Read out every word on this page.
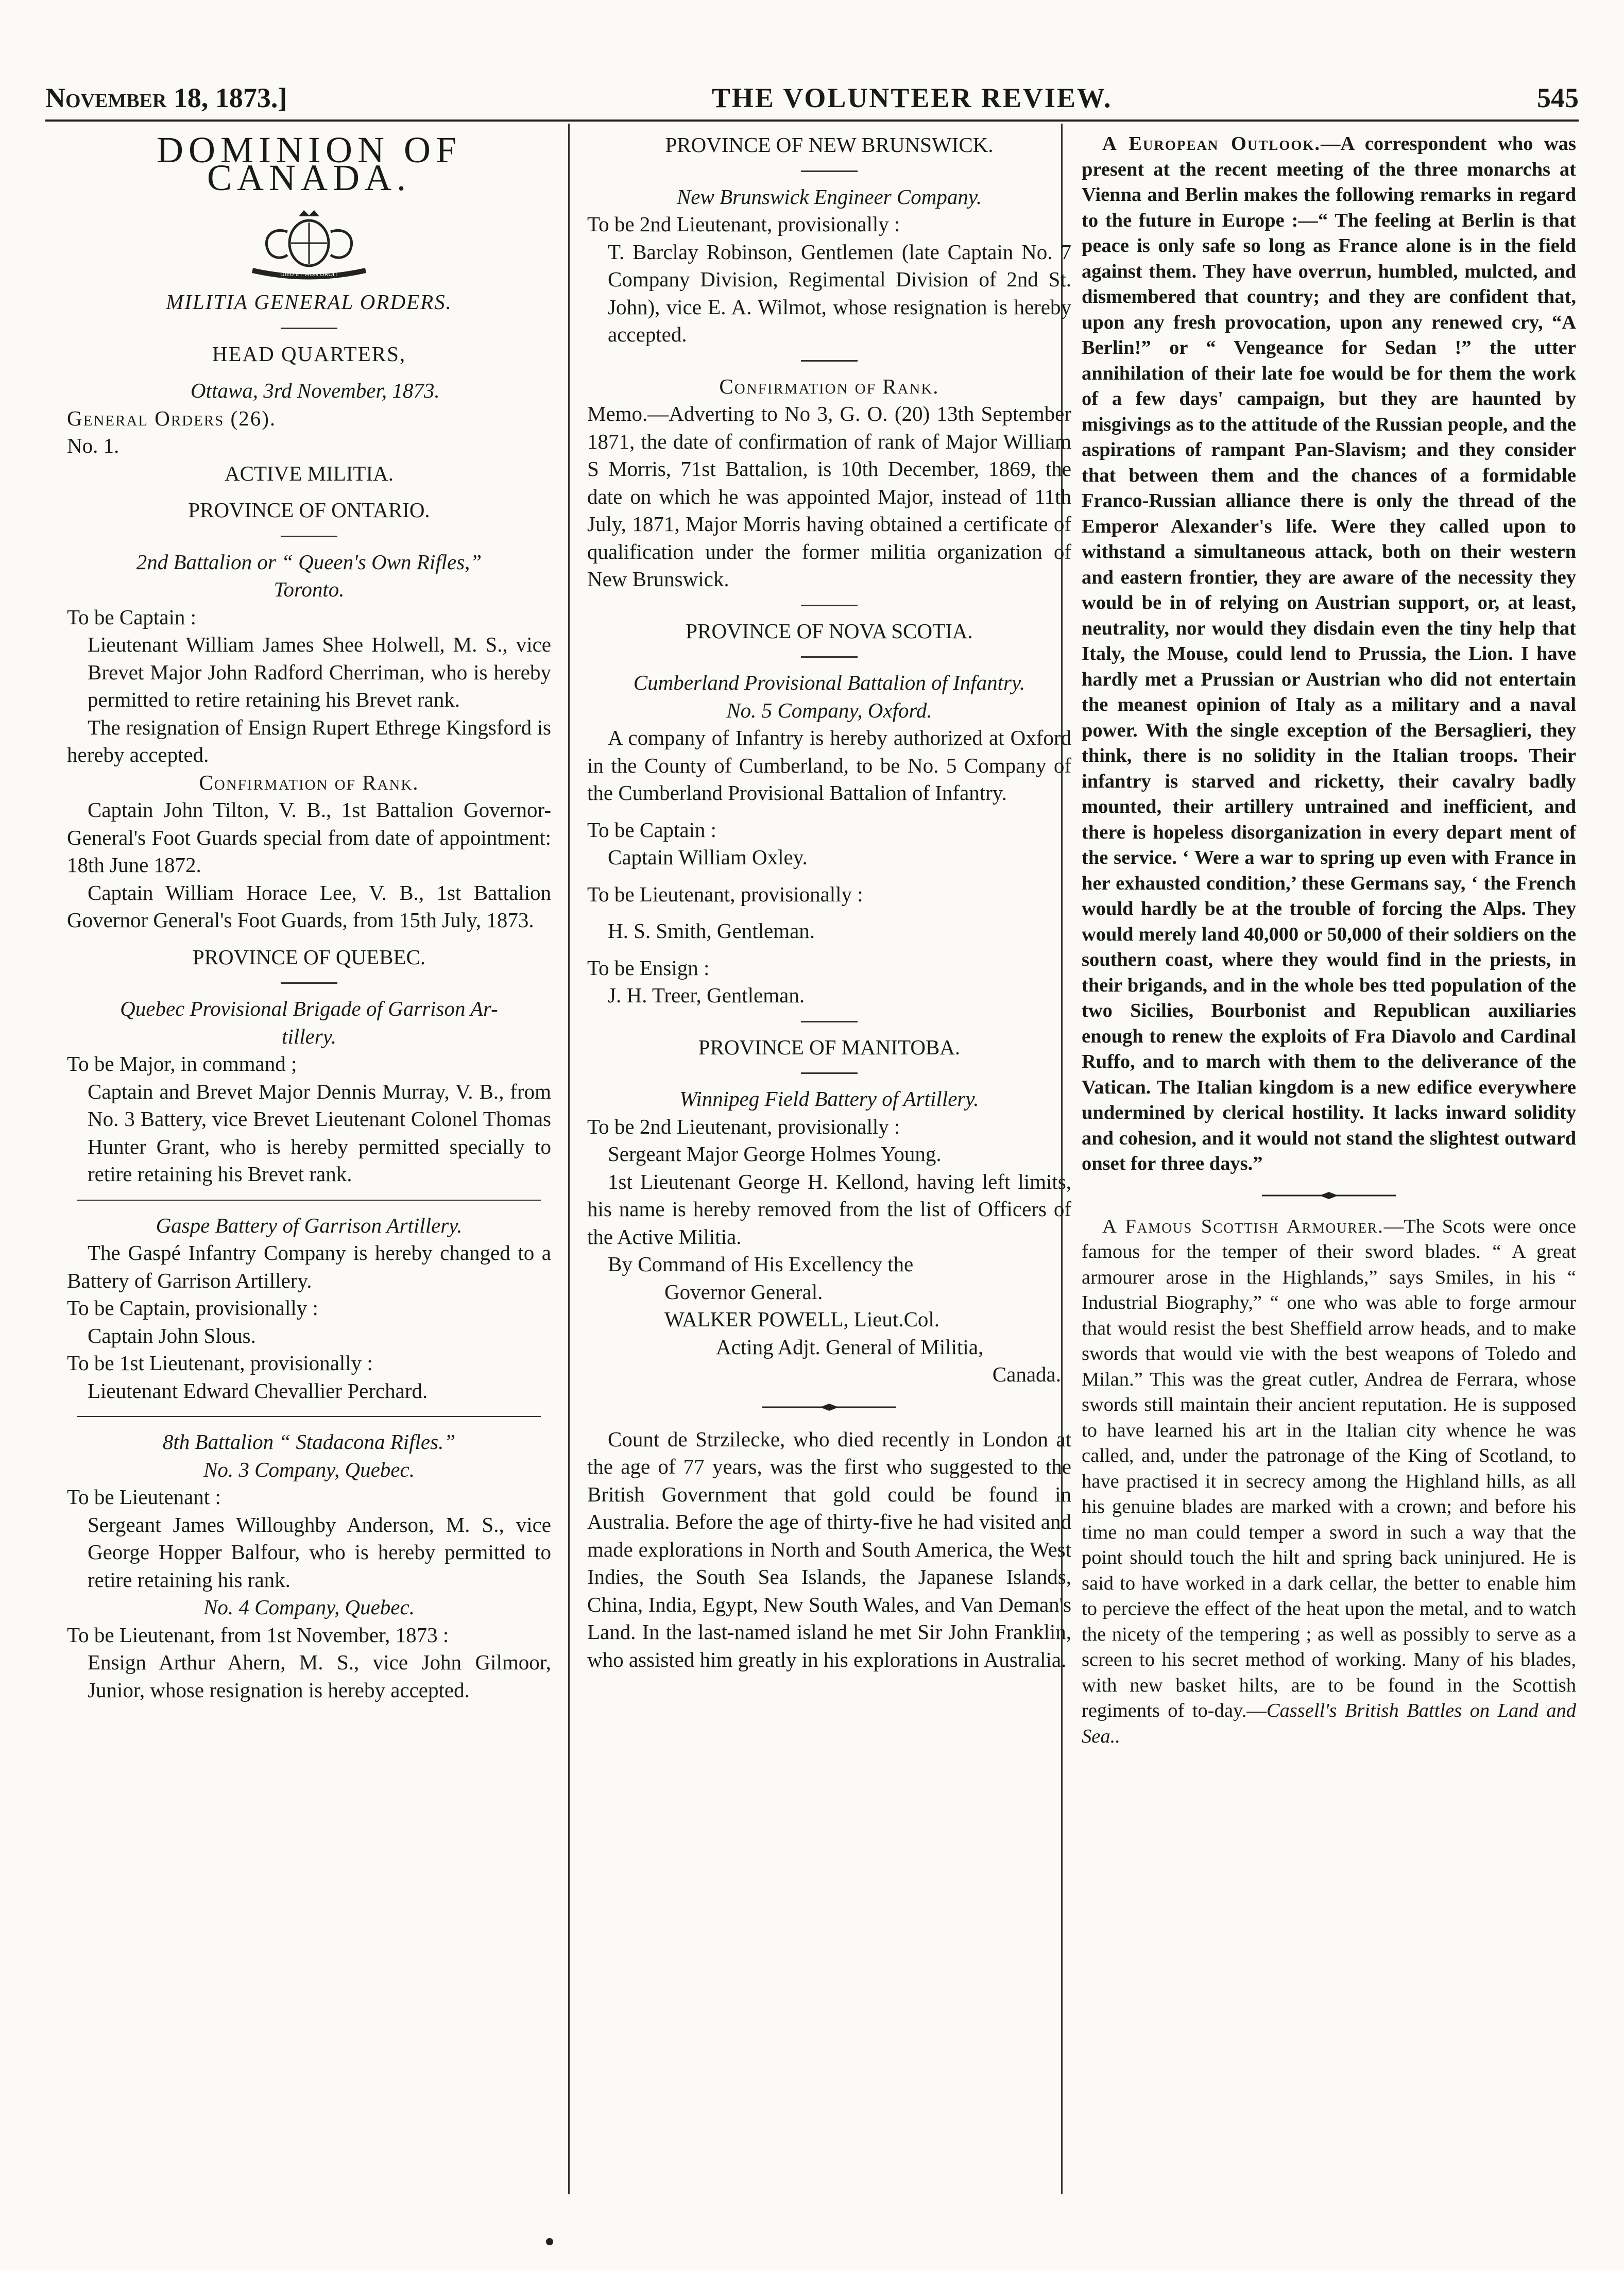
November 18, 1873.]	THE VOLUNTEER REVIEW.	545

DOMINION OF CANADA.

DIEU ET MON DROIT

MILITIA GENERAL ORDERS.

HEAD QUARTERS,

Ottawa, 3rd November, 1873.

General Orders (26).

No. 1.

ACTIVE MILITIA.

PROVINCE OF ONTARIO.

2nd Battalion or “ Queen's Own Rifles,”

Toronto.

To be Captain :

Lieutenant William James Shee Holwell, M. S., vice Brevet Major John Radford Cherriman, who is hereby permitted to retire retaining his Brevet rank.

The resignation of Ensign Rupert Ethrege Kingsford is hereby accepted.

Confirmation of Rank.

Captain John Tilton, V. B., 1st Battalion Governor-General's Foot Guards special from date of appointment: 18th June 1872.

Captain William Horace Lee, V. B., 1st Battalion Governor General's Foot Guards, from 15th July, 1873.

PROVINCE OF QUEBEC.

Quebec Provisional Brigade of Garrison Ar-

tillery.

To be Major, in command ;

Captain and Brevet Major Dennis Murray, V. B., from No. 3 Battery, vice Brevet Lieutenant Colonel Thomas Hunter Grant, who is hereby permitted specially to retire retaining his Brevet rank.

Gaspe Battery of Garrison Artillery.

The Gaspé Infantry Company is hereby changed to a Battery of Garrison Artillery.

To be Captain, provisionally :

Captain John Slous.

To be 1st Lieutenant, provisionally :

Lieutenant Edward Chevallier Perchard.

8th Battalion “ Stadacona Rifles.”

No. 3 Company, Quebec.

To be Lieutenant :

Sergeant James Willoughby Anderson, M. S., vice George Hopper Balfour, who is hereby permitted to retire retaining his rank.

No. 4 Company, Quebec.

To be Lieutenant, from 1st November, 1873 :

Ensign Arthur Ahern, M. S., vice John Gilmoor, Junior, whose resignation is hereby accepted.

PROVINCE OF NEW BRUNSWICK.

New Brunswick Engineer Company.

To be 2nd Lieutenant, provisionally :

T. Barclay Robinson, Gentlemen (late Captain No. 7 Company Division, Regimental Division of 2nd St. John), vice E. A. Wilmot, whose resignation is hereby accepted.

Confirmation of Rank.

Memo.—Adverting to No 3, G. O. (20) 13th September 1871, the date of confirmation of rank of Major William S Morris, 71st Battalion, is 10th December, 1869, the date on which he was appointed Major, instead of 11th July, 1871, Major Morris having obtained a certificate of qualification under the former militia organization of New Brunswick.

PROVINCE OF NOVA SCOTIA.

Cumberland Provisional Battalion of Infantry.

No. 5 Company, Oxford.

A company of Infantry is hereby authorized at Oxford in the County of Cumberland, to be No. 5 Company of the Cumberland Provisional Battalion of Infantry.

To be Captain :

Captain William Oxley.

To be Lieutenant, provisionally :

H. S. Smith, Gentleman.

To be Ensign :

J. H. Treer, Gentleman.

PROVINCE OF MANITOBA.

Winnipeg Field Battery of Artillery.

To be 2nd Lieutenant, provisionally :

Sergeant Major George Holmes Young.

1st Lieutenant George H. Kellond, having left limits, his name is hereby removed from the list of Officers of the Active Militia.

By Command of His Excellency the

Governor General.

WALKER POWELL, Lieut.Col.

Acting Adjt. General of Militia,

Canada.

Count de Strzilecke, who died recently in London at the age of 77 years, was the first who suggested to the British Government that gold could be found in Australia. Before the age of thirty-five he had visited and made explorations in North and South America, the West Indies, the South Sea Islands, the Japanese Islands, China, India, Egypt, New South Wales, and Van Deman's Land. In the last-named island he met Sir John Franklin, who assisted him greatly in his explorations in Australia.

A European Outlook.—A correspondent who was present at the recent meeting of the three monarchs at Vienna and Berlin makes the following remarks in regard to the future in Europe :—“ The feeling at Berlin is that peace is only safe so long as France alone is in the field against them. They have overrun, humbled, mulcted, and dismembered that country; and they are confident that, upon any fresh provocation, upon any renewed cry, “A Berlin!” or “ Vengeance for Sedan !” the utter annihilation of their late foe would be for them the work of a few days' campaign, but they are haunted by misgivings as to the attitude of the Russian people, and the aspirations of rampant Pan-Slavism; and they consider that between them and the chances of a formidable Franco-Russian alliance there is only the thread of the Emperor Alexander's life. Were they called upon to withstand a simultaneous attack, both on their western and eastern frontier, they are aware of the necessity they would be in of relying on Austrian support, or, at least, neutrality, nor would they disdain even the tiny help that Italy, the Mouse, could lend to Prussia, the Lion. I have hardly met a Prussian or Austrian who did not entertain the meanest opinion of Italy as a military and a naval power. With the single exception of the Bersaglieri, they think, there is no solidity in the Italian troops. Their infantry is starved and ricketty, their cavalry badly mounted, their artillery untrained and inefficient, and there is hopeless disorganization in every depart ment of the service. ‘ Were a war to spring up even with France in her exhausted condition,’ these Germans say, ‘ the French would hardly be at the trouble of forcing the Alps. They would merely land 40,000 or 50,000 of their soldiers on the southern coast, where they would find in the priests, in their brigands, and in the whole bes tted population of the two Sicilies, Bourbonist and Republican auxiliaries enough to renew the exploits of Fra Diavolo and Cardinal Ruffo, and to march with them to the deliverance of the Vatican. The Italian kingdom is a new edifice everywhere undermined by clerical hostility. It lacks inward solidity and cohesion, and it would not stand the slightest outward onset for three days.”

A Famous Scottish Armourer.—The Scots were once famous for the temper of their sword blades. “ A great armourer arose in the Highlands,” says Smiles, in his “ Industrial Biography,” “ one who was able to forge armour that would resist the best Sheffield arrow heads, and to make swords that would vie with the best weapons of Toledo and Milan.” This was the great cutler, Andrea de Ferrara, whose swords still maintain their ancient reputation. He is supposed to have learned his art in the Italian city whence he was called, and, under the patronage of the King of Scotland, to have practised it in secrecy among the Highland hills, as all his genuine blades are marked with a crown; and before his time no man could temper a sword in such a way that the point should touch the hilt and spring back uninjured. He is said to have worked in a dark cellar, the better to enable him to percieve the effect of the heat upon the metal, and to watch the nicety of the tempering ; as well as possibly to serve as a screen to his secret method of working. Many of his blades, with new basket hilts, are to be found in the Scottish regiments of to-day.—Cassell's British Battles on Land and Sea..
